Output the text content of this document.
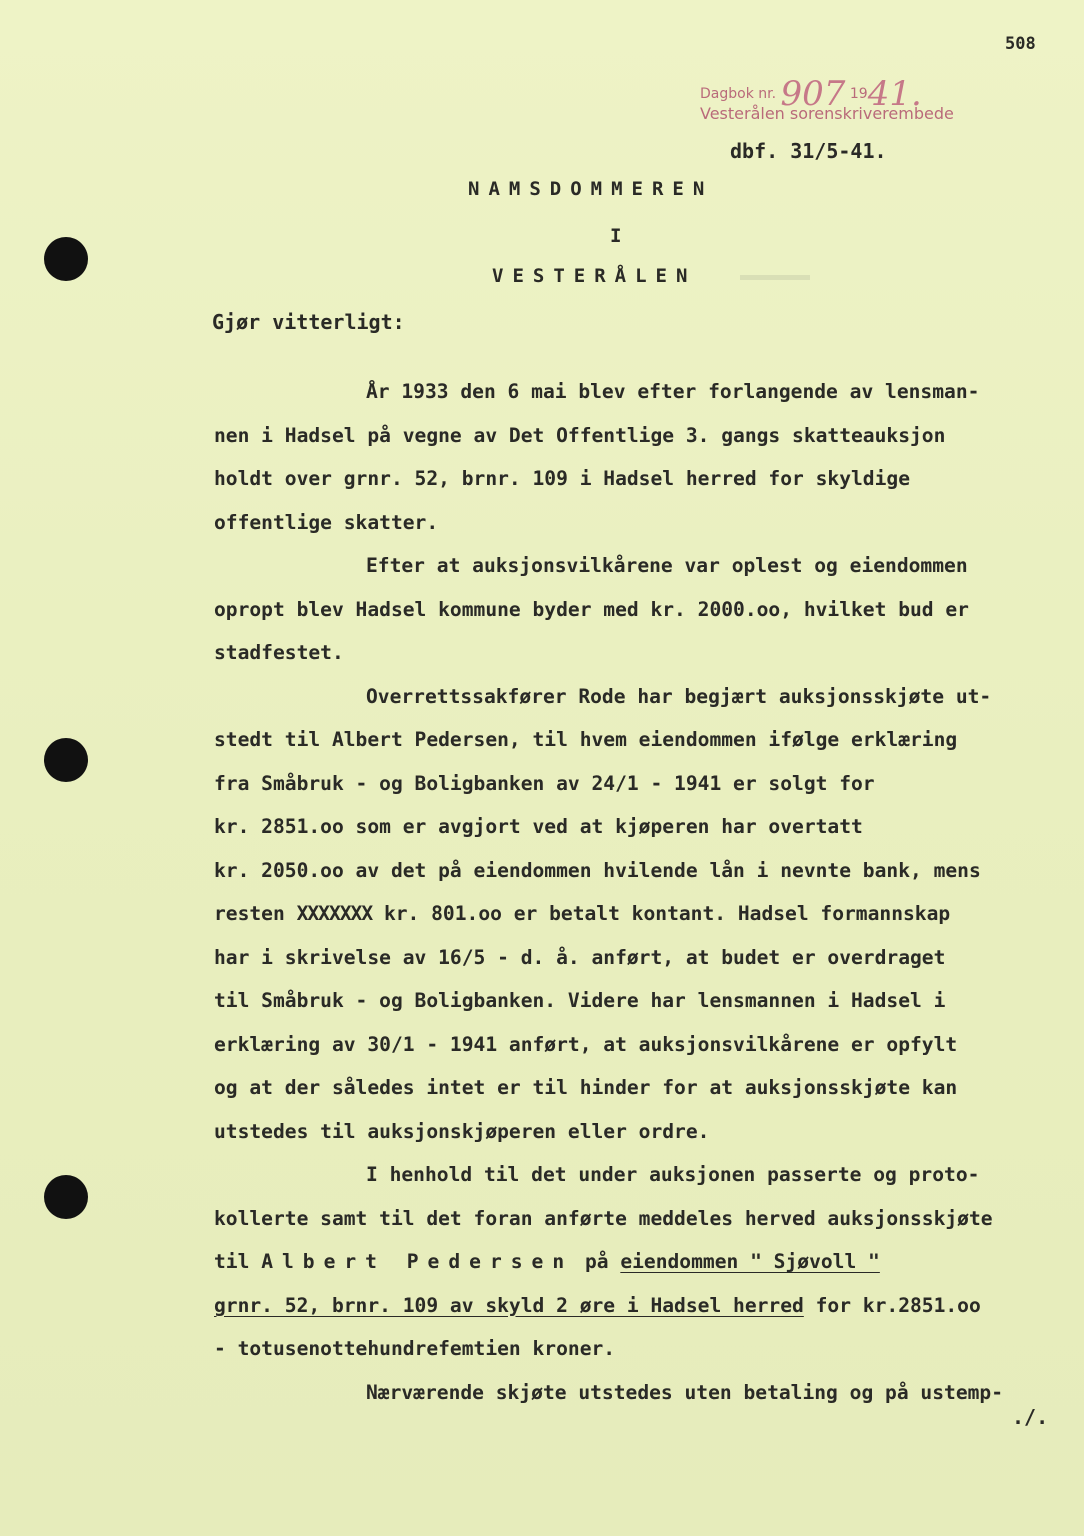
508
Dagbok nr. 907 1941.
Vesterålen sorenskriverembede
dbf. 31/5-41.
NAMSDOMMEREN
I
VESTERÅLEN
Gjør vitterligt:
År 1933 den 6 mai blev efter forlangende av lensman-
nen i Hadsel på vegne av Det Offentlige 3. gangs skatteauksjon
holdt over grnr. 52, brnr. 109 i Hadsel herred for skyldige
offentlige skatter.
Efter at auksjonsvilkårene var oplest og eiendommen
opropt blev Hadsel kommune byder med kr. 2000.oo, hvilket bud er
stadfestet.
Overrettssakfører Rode har begjært auksjonsskjøte ut-
stedt til Albert Pedersen, til hvem eiendommen ifølge erklæring
fra Småbruk - og Boligbanken av 24/1 - 1941 er solgt for
kr. 2851.oo som er avgjort ved at kjøperen har overtatt
kr. 2050.oo av det på eiendommen hvilende lån i nevnte bank, mens
resten XXXXXXX kr. 801.oo er betalt kontant. Hadsel formannskap
har i skrivelse av 16/5 - d. å. anført, at budet er overdraget
til Småbruk - og Boligbanken. Videre har lensmannen i Hadsel i
erklæring av 30/1 - 1941 anført, at auksjonsvilkårene er opfylt
og at der således intet er til hinder for at auksjonsskjøte kan
utstedes til auksjonskjøperen eller ordre.
I henhold til det under auksjonen passerte og proto-
kollerte samt til det foran anførte meddeles herved auksjonsskjøte
til Albert Pedersen på eiendommen " Sjøvoll "
grnr. 52, brnr. 109 av skyld 2 øre i Hadsel herred for kr.2851.oo
- totusenottehundrefemtien kroner.
Nærværende skjøte utstedes uten betaling og på ustemp-
./.
